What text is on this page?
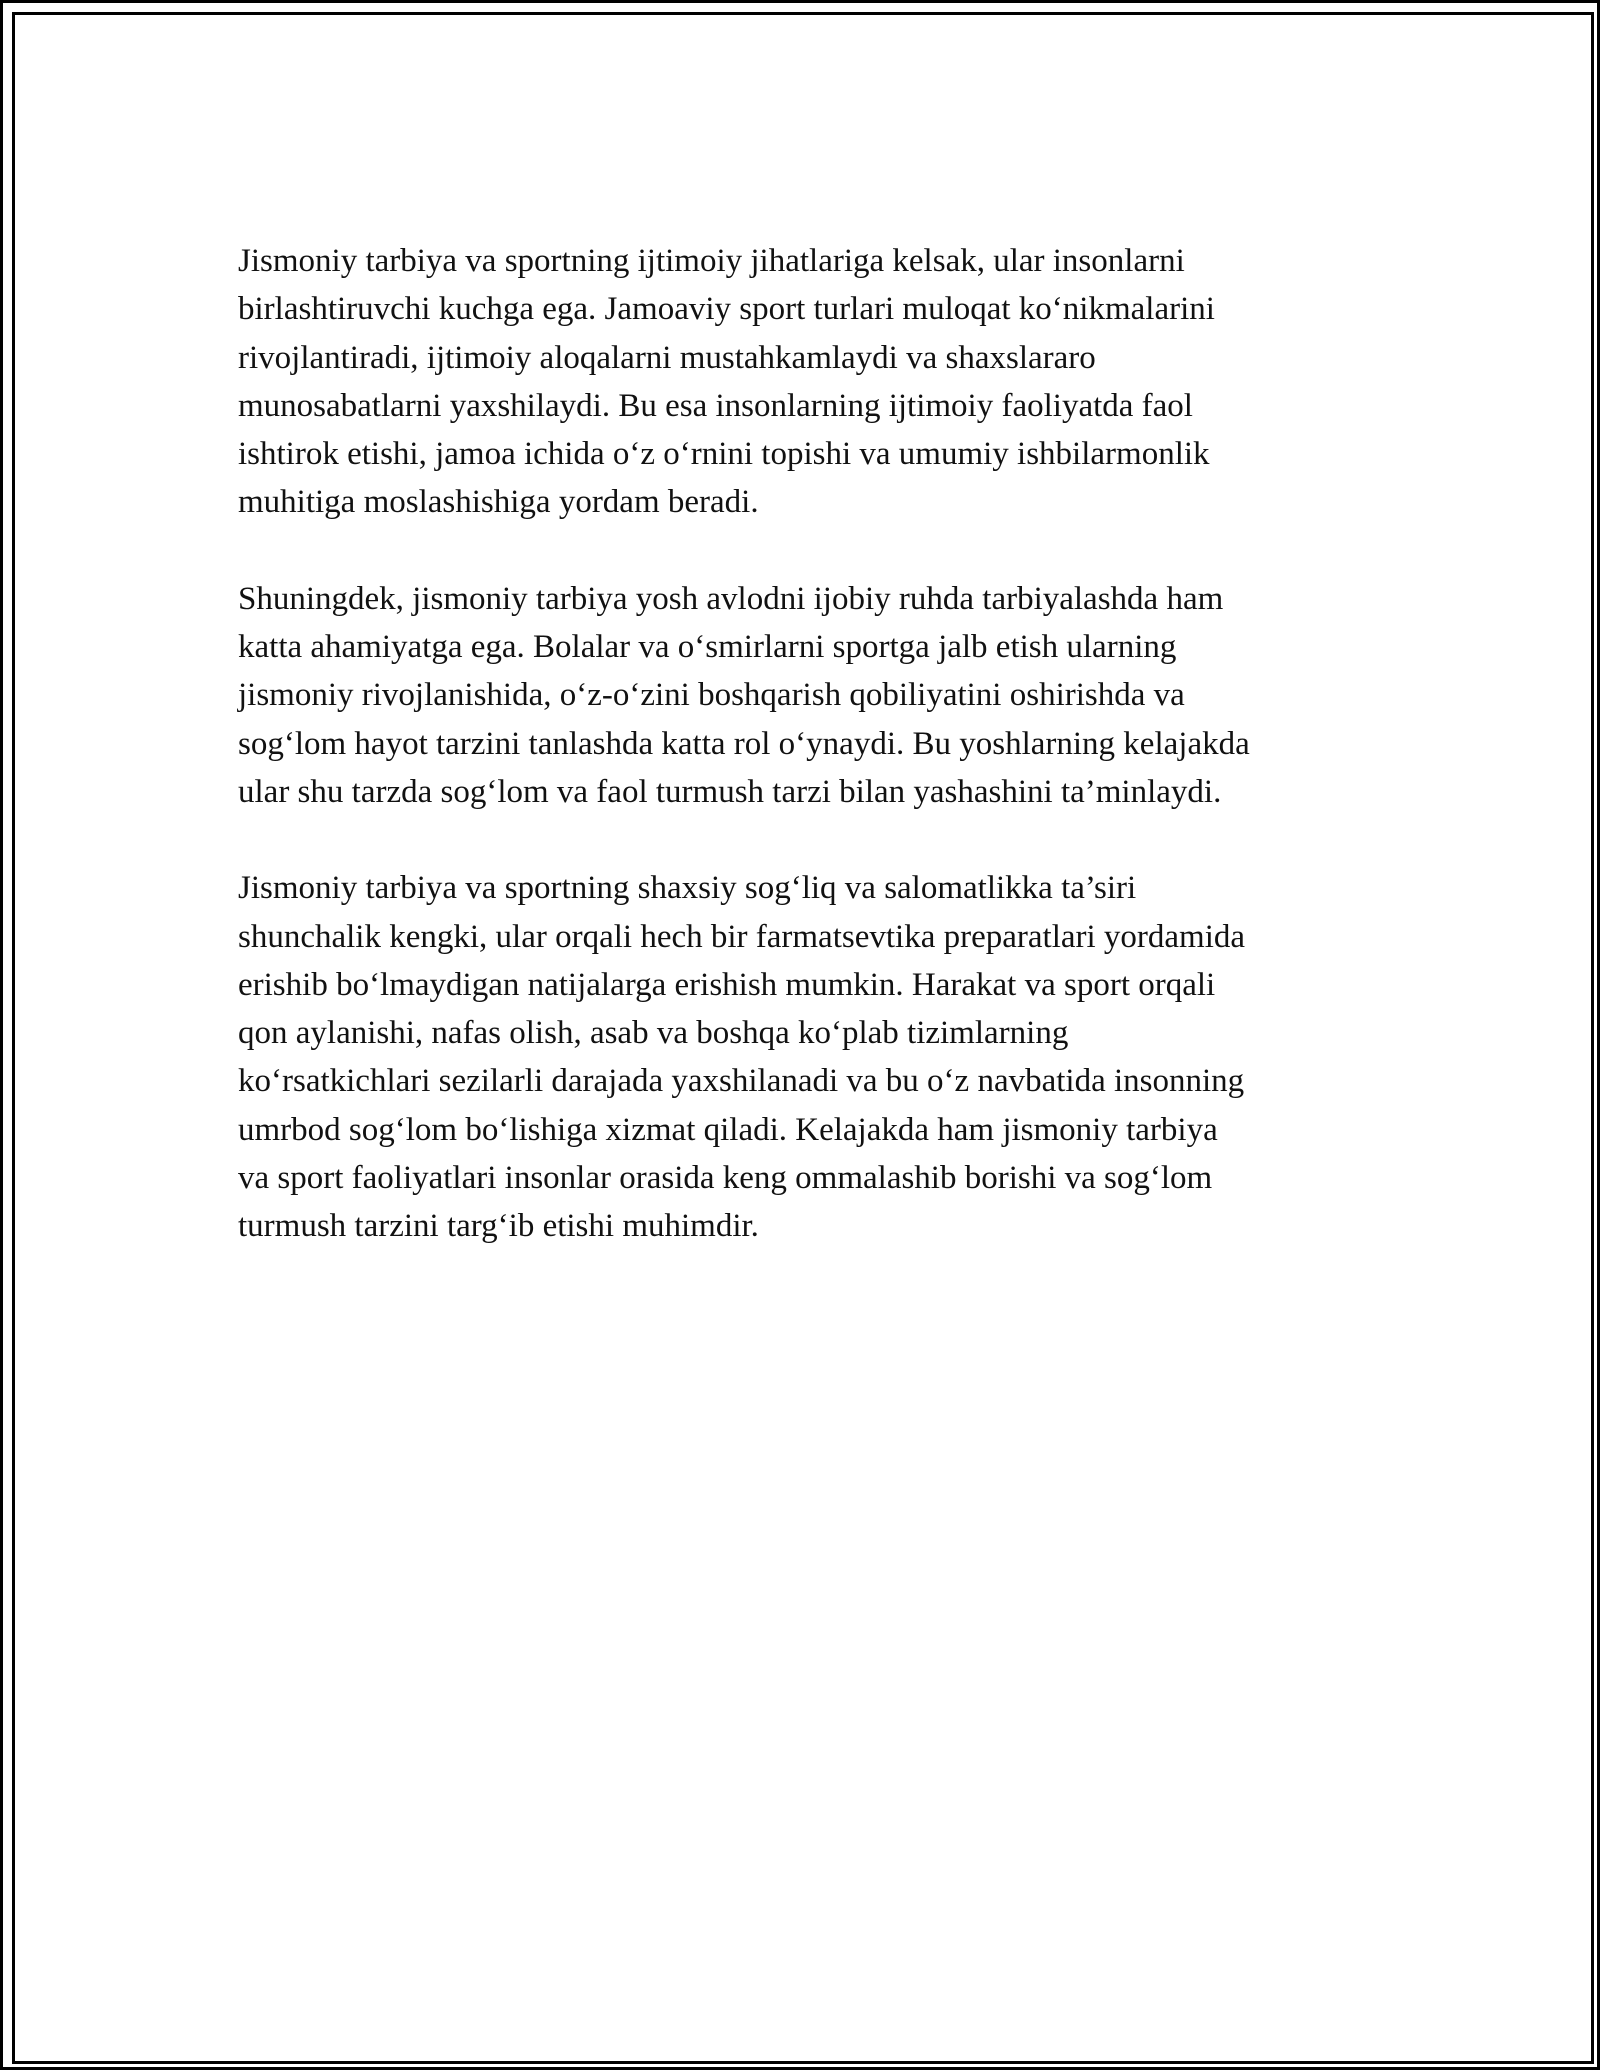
Jismoniy tarbiya va sportning ijtimoiy jihatlariga kelsak, ular insonlarni
birlashtiruvchi kuchga ega. Jamoaviy sport turlari muloqat ko‘nikmalarini
rivojlantiradi, ijtimoiy aloqalarni mustahkamlaydi va shaxslararo
munosabatlarni yaxshilaydi. Bu esa insonlarning ijtimoiy faoliyatda faol
ishtirok etishi, jamoa ichida o‘z o‘rnini topishi va umumiy ishbilarmonlik
muhitiga moslashishiga yordam beradi.

Shuningdek, jismoniy tarbiya yosh avlodni ijobiy ruhda tarbiyalashda ham
katta ahamiyatga ega. Bolalar va o‘smirlarni sportga jalb etish ularning
jismoniy rivojlanishida, o‘z-o‘zini boshqarish qobiliyatini oshirishda va
sog‘lom hayot tarzini tanlashda katta rol o‘ynaydi. Bu yoshlarning kelajakda
ular shu tarzda sog‘lom va faol turmush tarzi bilan yashashini ta’minlaydi.

Jismoniy tarbiya va sportning shaxsiy sog‘liq va salomatlikka ta’siri
shunchalik kengki, ular orqali hech bir farmatsevtika preparatlari yordamida
erishib bo‘lmaydigan natijalarga erishish mumkin. Harakat va sport orqali
qon aylanishi, nafas olish, asab va boshqa ko‘plab tizimlarning
ko‘rsatkichlari sezilarli darajada yaxshilanadi va bu o‘z navbatida insonning
umrbod sog‘lom bo‘lishiga xizmat qiladi. Kelajakda ham jismoniy tarbiya
va sport faoliyatlari insonlar orasida keng ommalashib borishi va sog‘lom
turmush tarzini targ‘ib etishi muhimdir.
